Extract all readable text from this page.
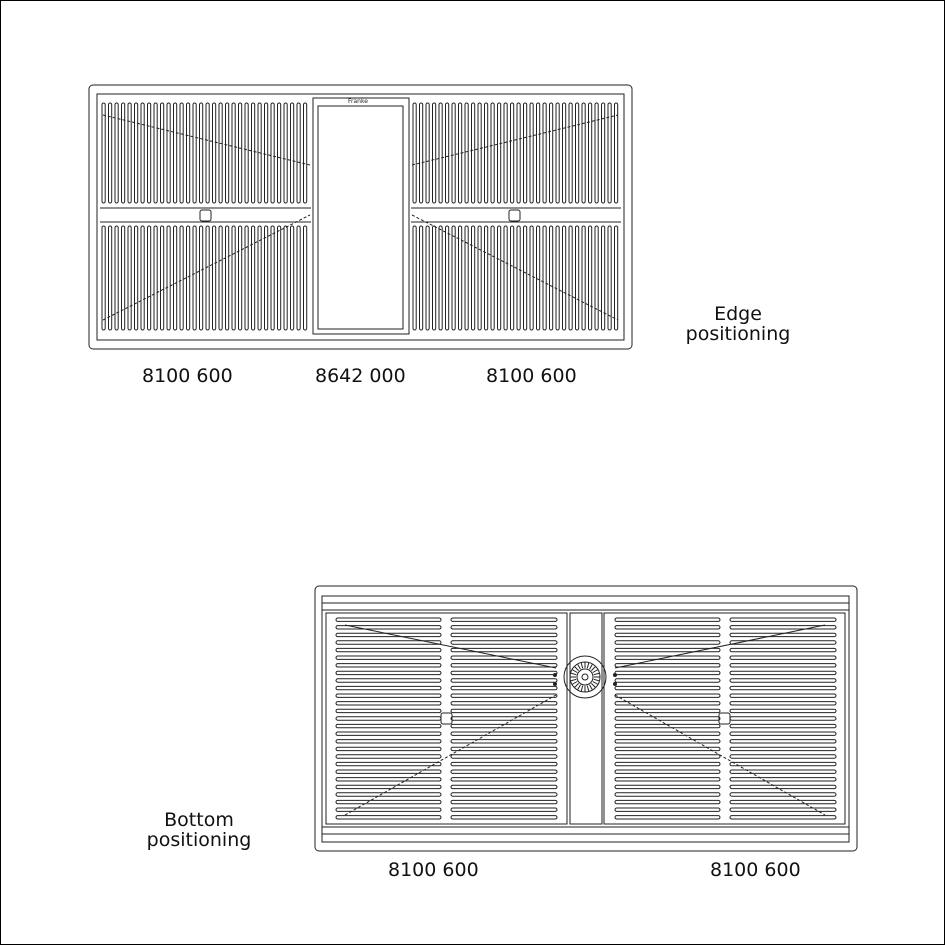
Franke
8100 600	8642 000	8100 600
Edge
positioning
8100 600	8100 600
Bottom
positioning
